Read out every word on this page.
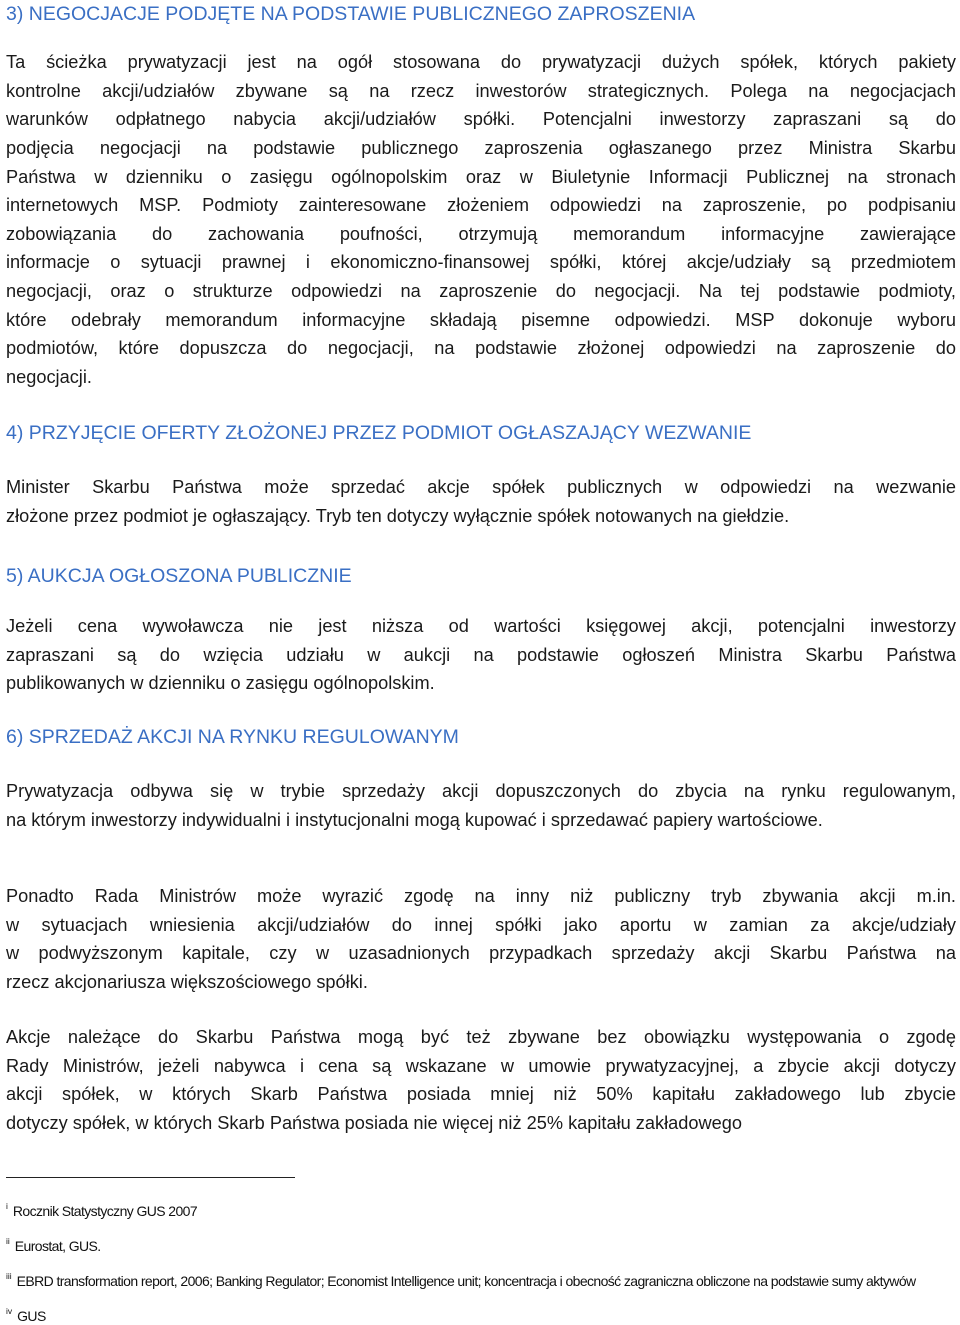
3) NEGOCJACJE PODJĘTE NA PODSTAWIE PUBLICZNEGO ZAPROSZENIA
Ta ścieżka prywatyzacji jest na ogół stosowana do prywatyzacji dużych spółek, których pakiety
kontrolne akcji/udziałów zbywane są na rzecz inwestorów strategicznych. Polega na negocjacjach
warunków odpłatnego nabycia akcji/udziałów spółki. Potencjalni inwestorzy zapraszani są do
podjęcia negocjacji na podstawie publicznego zaproszenia ogłaszanego przez Ministra Skarbu
Państwa w dzienniku o zasięgu ogólnopolskim oraz w Biuletynie Informacji Publicznej na stronach
internetowych MSP. Podmioty zainteresowane złożeniem odpowiedzi na zaproszenie, po podpisaniu
zobowiązania do zachowania poufności, otrzymują memorandum informacyjne zawierające
informacje o sytuacji prawnej i ekonomiczno-finansowej spółki, której akcje/udziały są przedmiotem
negocjacji, oraz o strukturze odpowiedzi na zaproszenie do negocjacji. Na tej podstawie podmioty,
które odebrały memorandum informacyjne składają pisemne odpowiedzi. MSP dokonuje wyboru
podmiotów, które dopuszcza do negocjacji, na podstawie złożonej odpowiedzi na zaproszenie do
negocjacji.
4) PRZYJĘCIE OFERTY ZŁOŻONEJ PRZEZ PODMIOT OGŁASZAJĄCY WEZWANIE
Minister Skarbu Państwa może sprzedać akcje spółek publicznych w odpowiedzi na wezwanie
złożone przez podmiot je ogłaszający. Tryb ten dotyczy wyłącznie spółek notowanych na giełdzie.
5) AUKCJA OGŁOSZONA PUBLICZNIE
Jeżeli cena wywoławcza nie jest niższa od wartości księgowej akcji, potencjalni inwestorzy
zapraszani są do wzięcia udziału w aukcji na podstawie ogłoszeń Ministra Skarbu Państwa
publikowanych w dzienniku o zasięgu ogólnopolskim.
6) SPRZEDAŻ AKCJI NA RYNKU REGULOWANYM
Prywatyzacja odbywa się w trybie sprzedaży akcji dopuszczonych do zbycia na rynku regulowanym,
na którym inwestorzy indywidualni i instytucjonalni mogą kupować i sprzedawać papiery wartościowe.
Ponadto Rada Ministrów może wyrazić zgodę na inny niż publiczny tryb zbywania akcji m.in.
w sytuacjach wniesienia akcji/udziałów do innej spółki jako aportu w zamian za akcje/udziały
w podwyższonym kapitale, czy w uzasadnionych przypadkach sprzedaży akcji Skarbu Państwa na
rzecz akcjonariusza większościowego spółki.
Akcje należące do Skarbu Państwa mogą być też zbywane bez obowiązku występowania o zgodę
Rady Ministrów, jeżeli nabywca i cena są wskazane w umowie prywatyzacyjnej, a zbycie akcji dotyczy
akcji spółek, w których Skarb Państwa posiada mniej niż 50% kapitału zakładowego lub zbycie
dotyczy spółek, w których Skarb Państwa posiada nie więcej niż 25% kapitału zakładowego
$^i$ Rocznik Statystyczny GUS 2007
$^{ii}$ Eurostat, GUS.
$^{iii}$ EBRD transformation report, 2006; Banking Regulator; Economist Intelligence unit; koncentracja i obecność zagraniczna obliczone na podstawie sumy aktywów
$^{iv}$ GUS
